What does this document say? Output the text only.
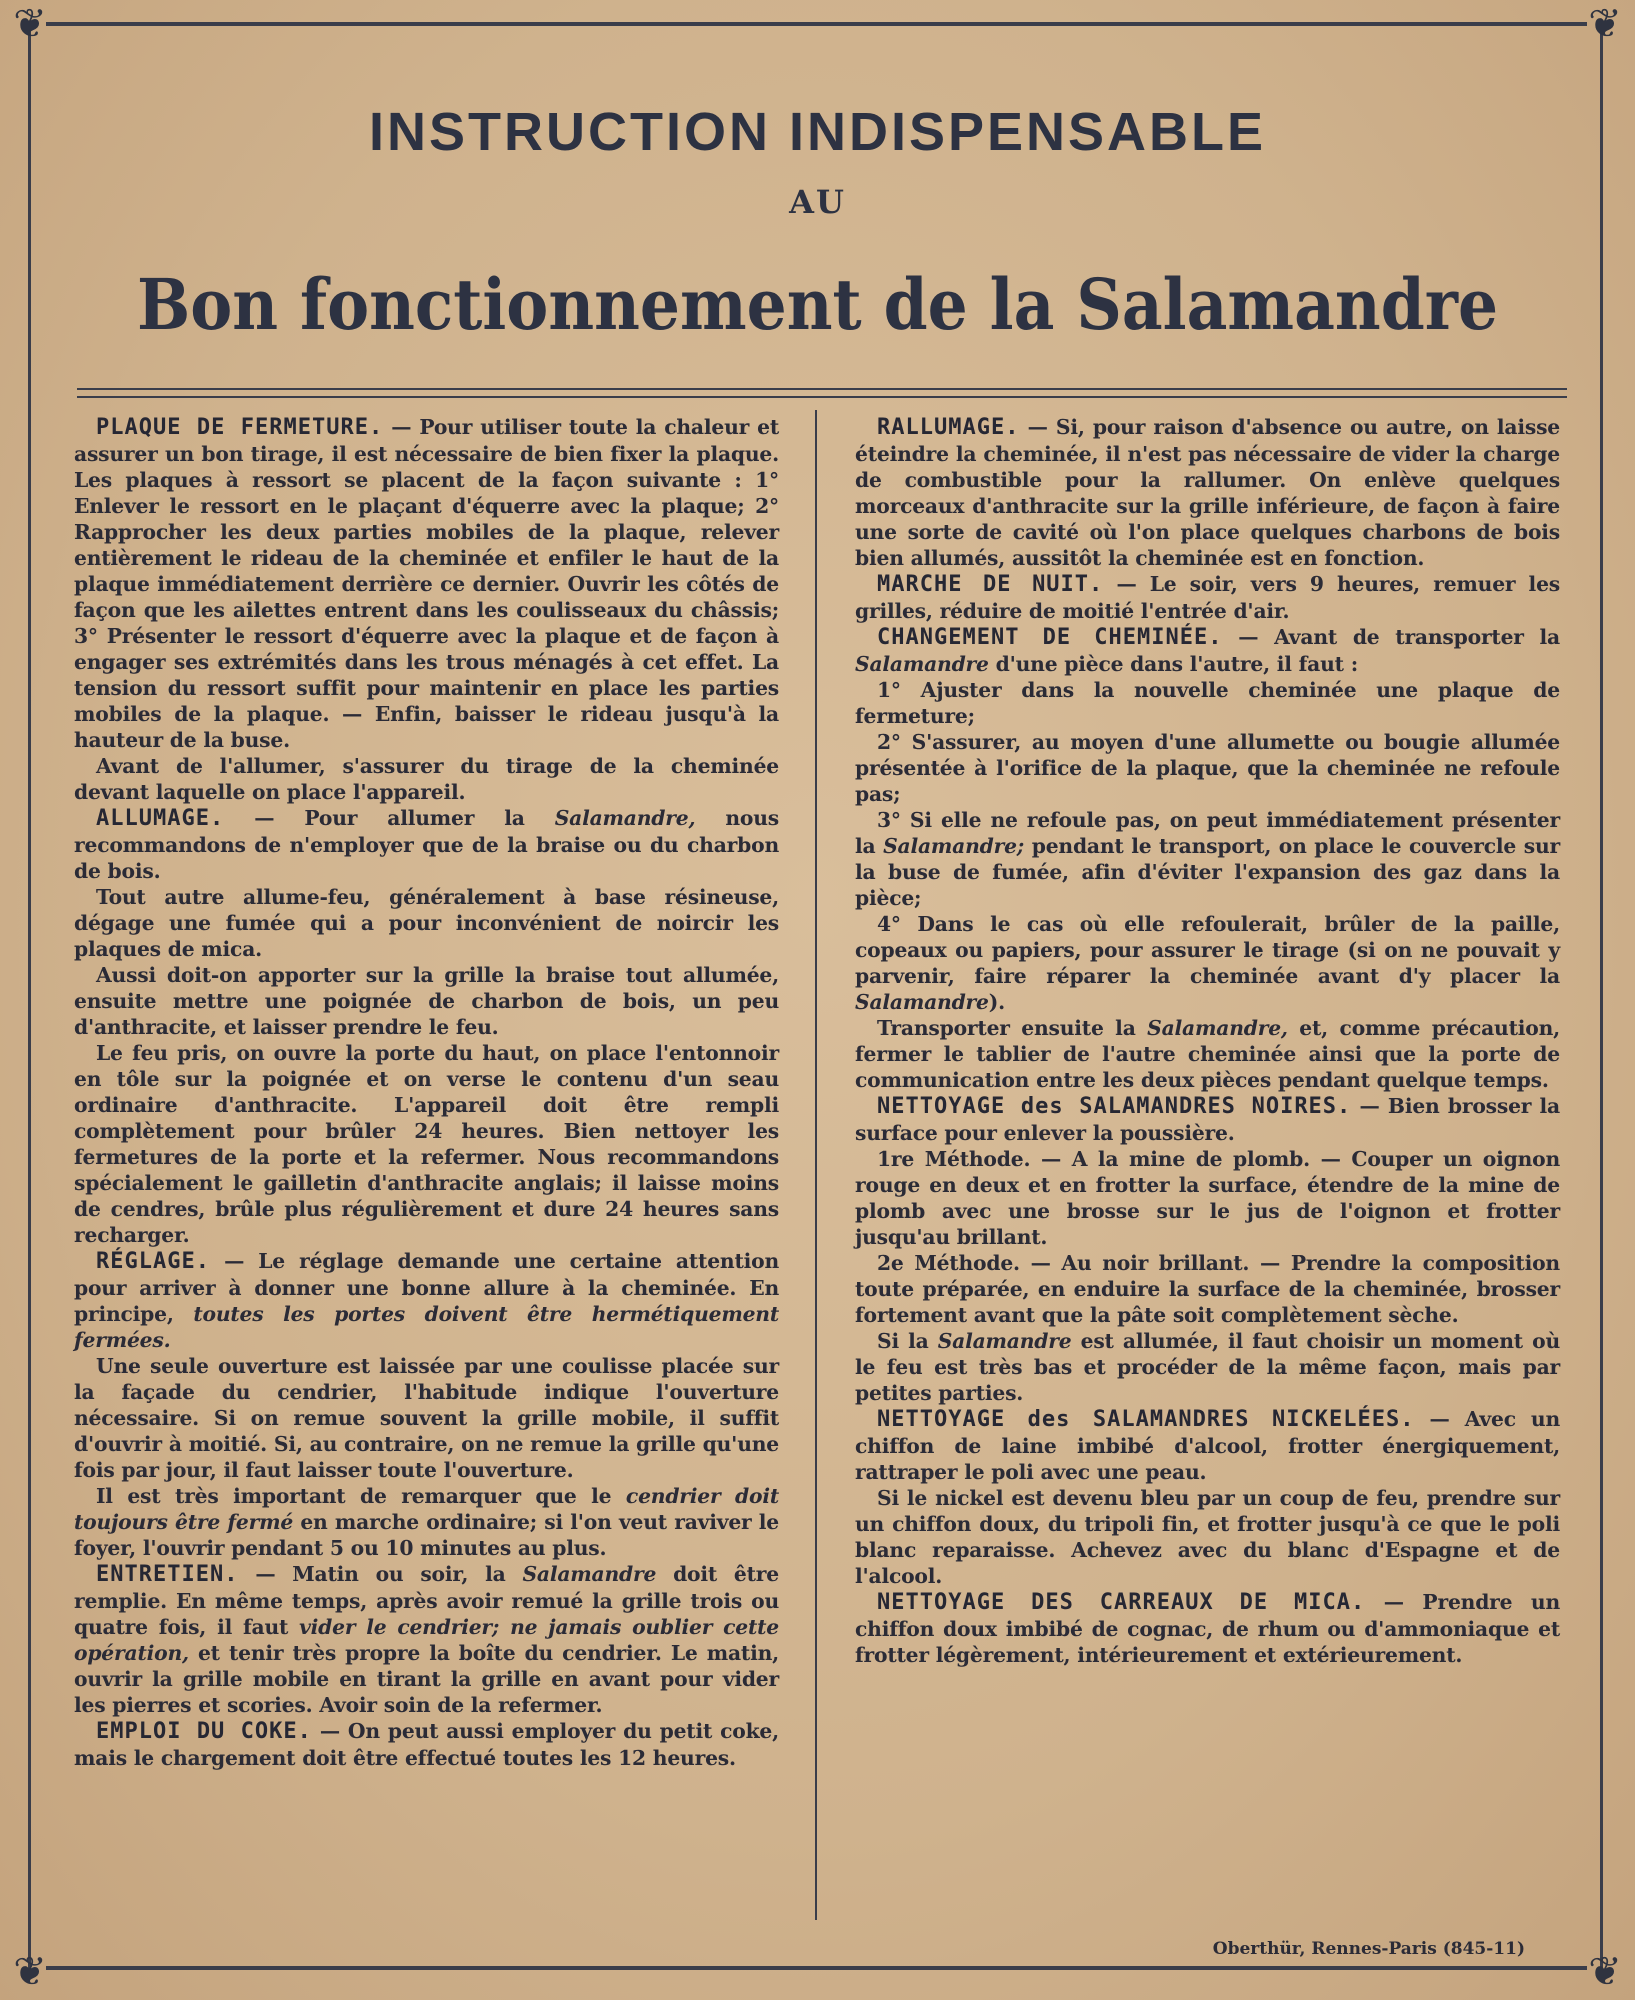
❦	❦
❦	❦
INSTRUCTION INDISPENSABLE
AU
Bon fonctionnement de la Salamandre

PLAQUE DE FERMETURE. — Pour utiliser toute la chaleur et assurer un bon tirage, il est nécessaire de bien fixer la plaque. Les plaques à ressort se placent de la façon suivante : 1° Enlever le ressort en le plaçant d'équerre avec la plaque; 2° Rapprocher les deux parties mobiles de la plaque, relever entièrement le rideau de la cheminée et enfiler le haut de la plaque immédiatement derrière ce dernier. Ouvrir les côtés de façon que les ailettes entrent dans les coulisseaux du châssis; 3° Présenter le ressort d'équerre avec la plaque et de façon à engager ses extrémités dans les trous ménagés à cet effet. La tension du ressort suffit pour maintenir en place les parties mobiles de la plaque. — Enfin, baisser le rideau jusqu'à la hauteur de la buse.

Avant de l'allumer, s'assurer du tirage de la cheminée devant laquelle on place l'appareil.

ALLUMAGE. — Pour allumer la Salamandre, nous recommandons de n'employer que de la braise ou du charbon de bois.

Tout autre allume-feu, généralement à base résineuse, dégage une fumée qui a pour inconvénient de noircir les plaques de mica.

Aussi doit-on apporter sur la grille la braise tout allumée, ensuite mettre une poignée de charbon de bois, un peu d'anthracite, et laisser prendre le feu.

Le feu pris, on ouvre la porte du haut, on place l'entonnoir en tôle sur la poignée et on verse le contenu d'un seau ordinaire d'anthracite. L'appareil doit être rempli complètement pour brûler 24 heures. Bien nettoyer les fermetures de la porte et la refermer. Nous recommandons spécialement le gailletin d'anthracite anglais; il laisse moins de cendres, brûle plus régulièrement et dure 24 heures sans recharger.

RÉGLAGE. — Le réglage demande une certaine attention pour arriver à donner une bonne allure à la cheminée. En principe, toutes les portes doivent être hermétiquement fermées.

Une seule ouverture est laissée par une coulisse placée sur la façade du cendrier, l'habitude indique l'ouverture nécessaire. Si on remue souvent la grille mobile, il suffit d'ouvrir à moitié. Si, au contraire, on ne remue la grille qu'une fois par jour, il faut laisser toute l'ouverture.

Il est très important de remarquer que le cendrier doit toujours être fermé en marche ordinaire; si l'on veut raviver le foyer, l'ouvrir pendant 5 ou 10 minutes au plus.

ENTRETIEN. — Matin ou soir, la Salamandre doit être remplie. En même temps, après avoir remué la grille trois ou quatre fois, il faut vider le cendrier; ne jamais oublier cette opération, et tenir très propre la boîte du cendrier. Le matin, ouvrir la grille mobile en tirant la grille en avant pour vider les pierres et scories. Avoir soin de la refermer.

EMPLOI DU COKE. — On peut aussi employer du petit coke, mais le chargement doit être effectué toutes les 12 heures.

RALLUMAGE. — Si, pour raison d'absence ou autre, on laisse éteindre la cheminée, il n'est pas nécessaire de vider la charge de combustible pour la rallumer. On enlève quelques morceaux d'anthracite sur la grille inférieure, de façon à faire une sorte de cavité où l'on place quelques charbons de bois bien allumés, aussitôt la cheminée est en fonction.

MARCHE DE NUIT. — Le soir, vers 9 heures, remuer les grilles, réduire de moitié l'entrée d'air.

CHANGEMENT DE CHEMINÉE. — Avant de transporter la Salamandre d'une pièce dans l'autre, il faut :

1° Ajuster dans la nouvelle cheminée une plaque de fermeture;

2° S'assurer, au moyen d'une allumette ou bougie allumée présentée à l'orifice de la plaque, que la cheminée ne refoule pas;

3° Si elle ne refoule pas, on peut immédiatement présenter la Salamandre; pendant le transport, on place le couvercle sur la buse de fumée, afin d'éviter l'expansion des gaz dans la pièce;

4° Dans le cas où elle refoulerait, brûler de la paille, copeaux ou papiers, pour assurer le tirage (si on ne pouvait y parvenir, faire réparer la cheminée avant d'y placer la Salamandre).

Transporter ensuite la Salamandre, et, comme précaution, fermer le tablier de l'autre cheminée ainsi que la porte de communication entre les deux pièces pendant quelque temps.

NETTOYAGE des SALAMANDRES NOIRES. — Bien brosser la surface pour enlever la poussière.

1re Méthode. — A la mine de plomb. — Couper un oignon rouge en deux et en frotter la surface, étendre de la mine de plomb avec une brosse sur le jus de l'oignon et frotter jusqu'au brillant.

2e Méthode. — Au noir brillant. — Prendre la composition toute préparée, en enduire la surface de la cheminée, brosser fortement avant que la pâte soit complètement sèche.

Si la Salamandre est allumée, il faut choisir un moment où le feu est très bas et procéder de la même façon, mais par petites parties.

NETTOYAGE des SALAMANDRES NICKELÉES. — Avec un chiffon de laine imbibé d'alcool, frotter énergiquement, rattraper le poli avec une peau.

Si le nickel est devenu bleu par un coup de feu, prendre sur un chiffon doux, du tripoli fin, et frotter jusqu'à ce que le poli blanc reparaisse. Achevez avec du blanc d'Espagne et de l'alcool.

NETTOYAGE DES CARREAUX DE MICA. — Prendre un chiffon doux imbibé de cognac, de rhum ou d'ammoniaque et frotter légèrement, intérieurement et extérieurement.

Oberthür, Rennes-Paris (845-11)
